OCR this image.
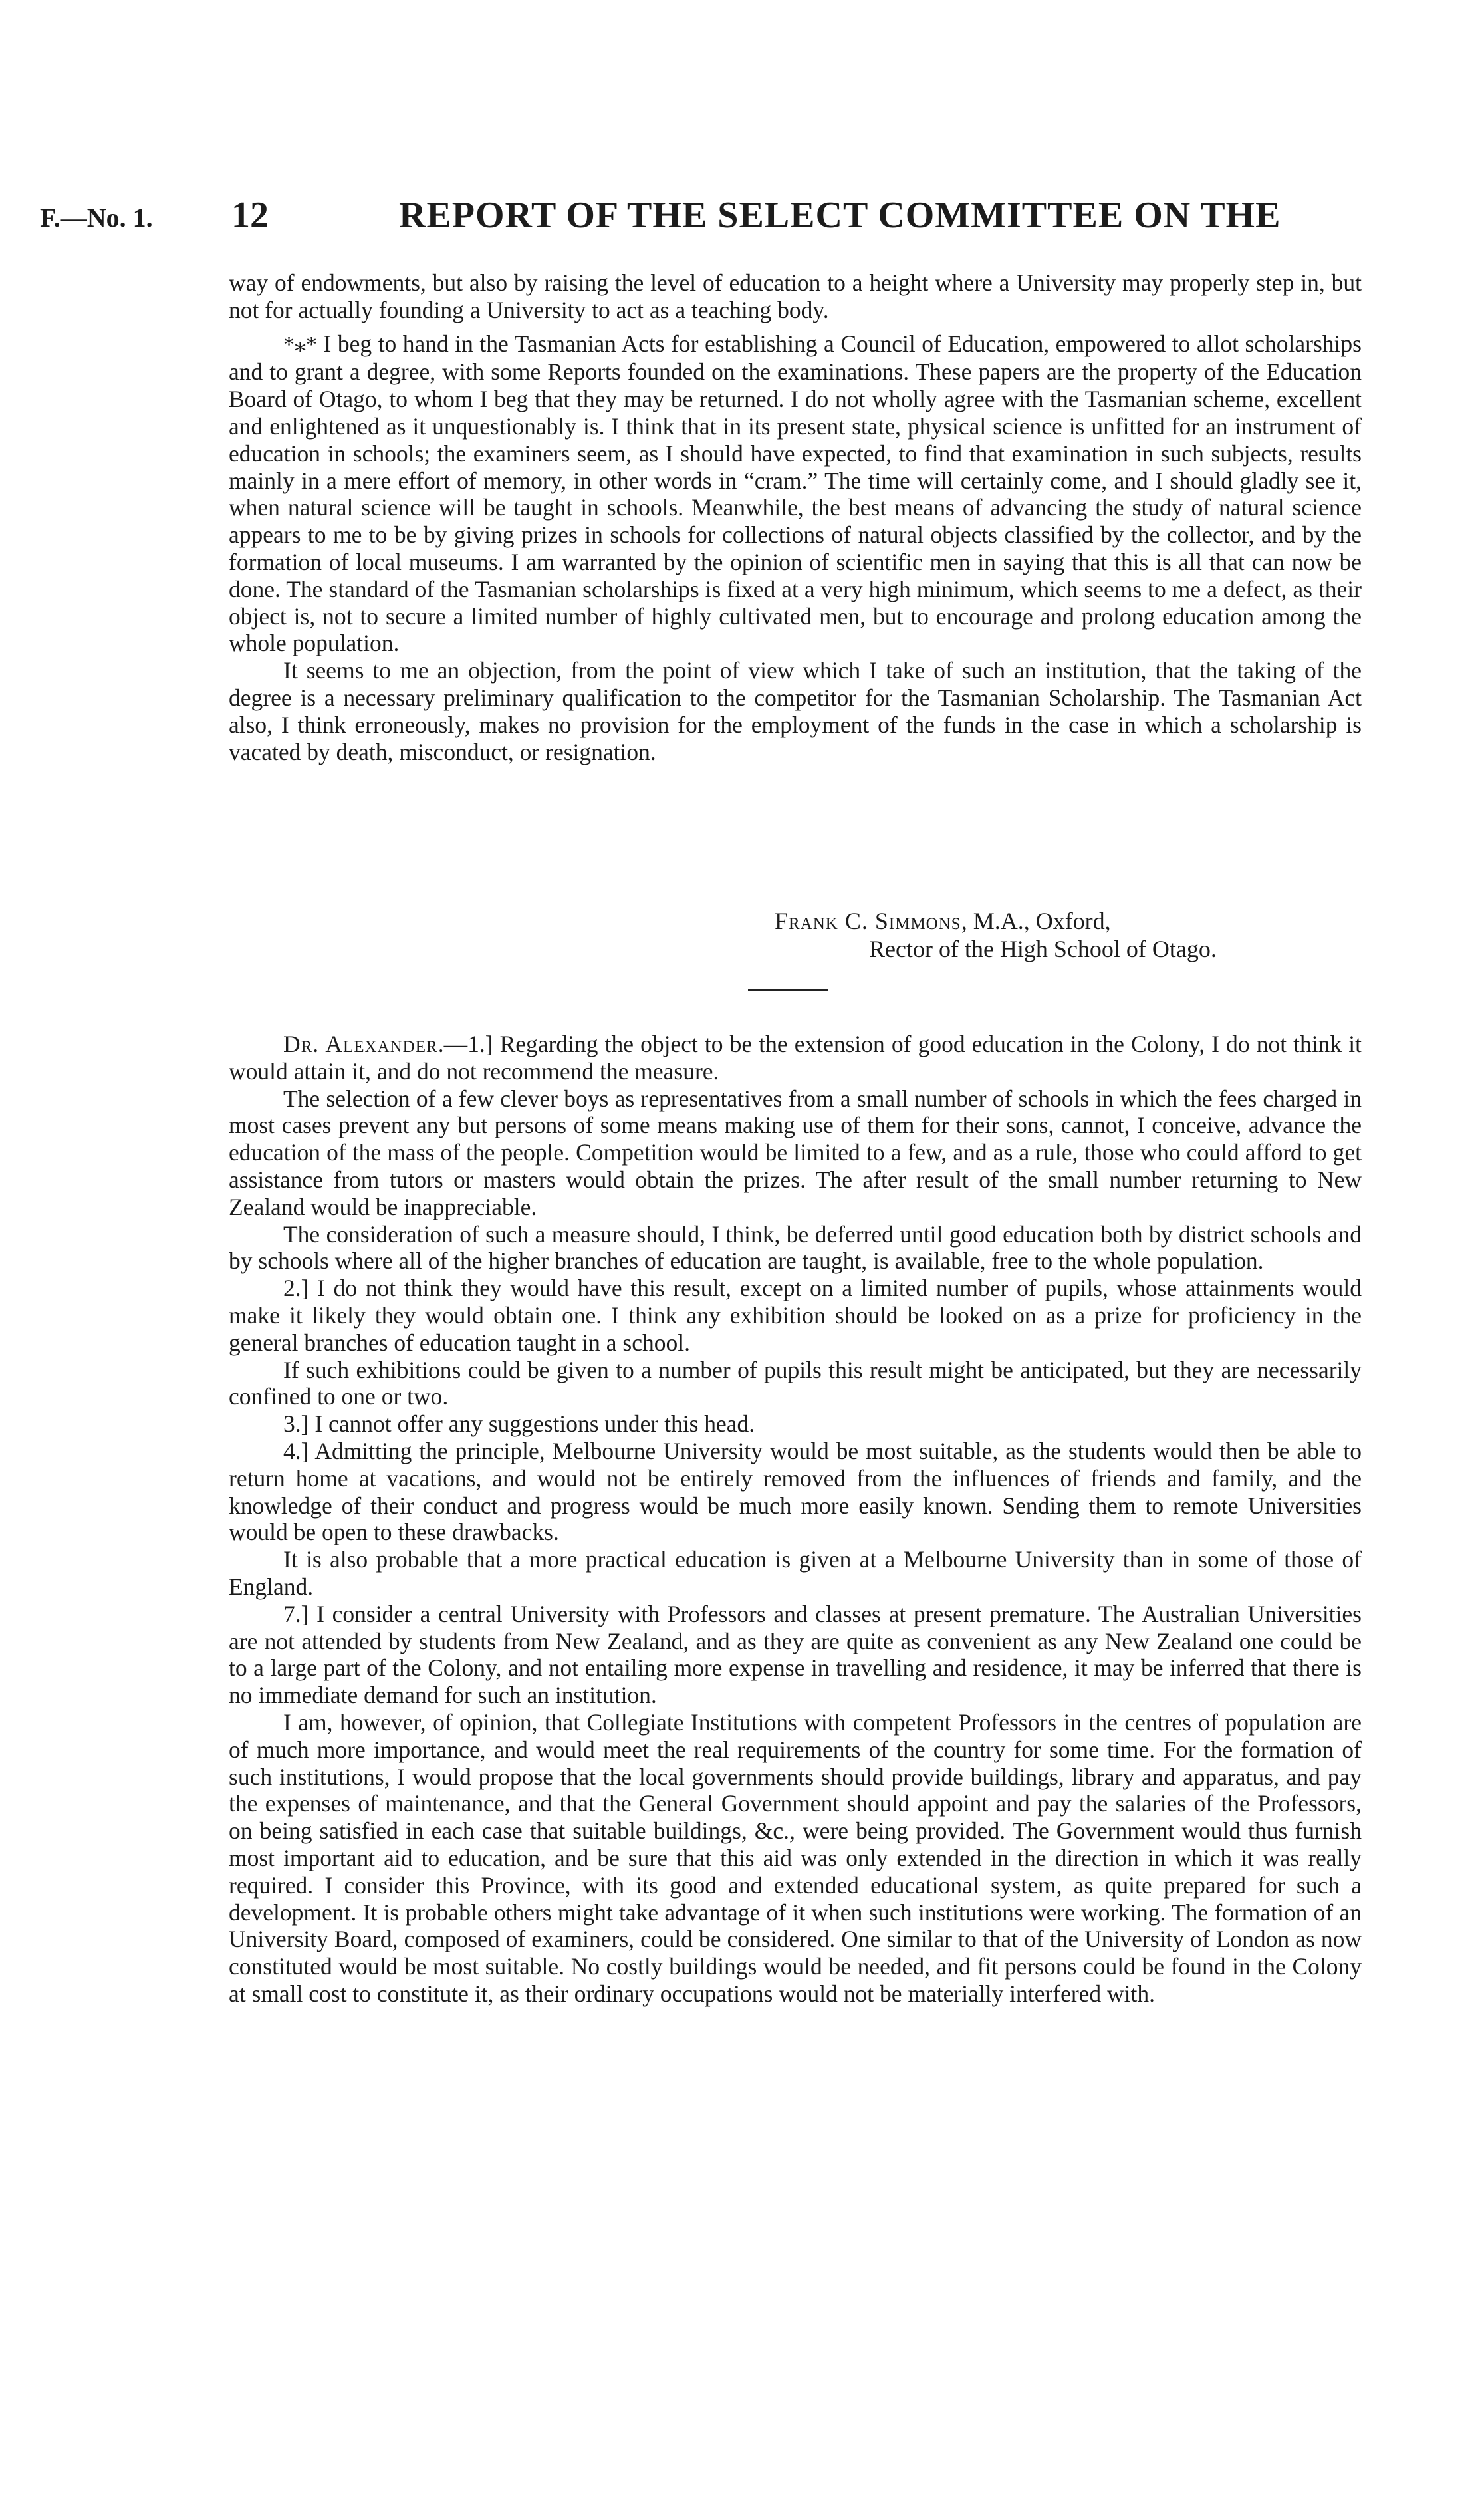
F.—No. 1. 12	REPORT OF THE SELECT COMMITTEE ON THE

way of endowments, but also by raising the level of education to a height where a University may properly step in, but not for actually founding a University to act as a teaching body.

*⁎* I beg to hand in the Tasmanian Acts for establishing a Council of Education, empowered to allot scholarships and to grant a degree, with some Reports founded on the examinations. These papers are the property of the Education Board of Otago, to whom I beg that they may be returned. I do not wholly agree with the Tasmanian scheme, excellent and enlightened as it unquestionably is. I think that in its present state, physical science is unfitted for an instrument of education in schools; the examiners seem, as I should have expected, to find that examination in such subjects, results mainly in a mere effort of memory, in other words in “cram.” The time will certainly come, and I should gladly see it, when natural science will be taught in schools. Meanwhile, the best means of advancing the study of natural science appears to me to be by giving prizes in schools for collections of natural objects classified by the collector, and by the formation of local museums. I am warranted by the opinion of scientific men in saying that this is all that can now be done. The standard of the Tasmanian scholarships is fixed at a very high minimum, which seems to me a defect, as their object is, not to secure a limited number of highly cultivated men, but to encourage and prolong education among the whole population.

It seems to me an objection, from the point of view which I take of such an institution, that the taking of the degree is a necessary preliminary qualification to the competitor for the Tasmanian Scholarship. The Tasmanian Act also, I think erroneously, makes no provision for the employment of the funds in the case in which a scholarship is vacated by death, misconduct, or resignation.

Frank C. Simmons, M.A., Oxford,
Rector of the High School of Otago.

Dr. Alexander.—1.] Regarding the object to be the extension of good education in the Colony, I do not think it would attain it, and do not recommend the measure.

The selection of a few clever boys as representatives from a small number of schools in which the fees charged in most cases prevent any but persons of some means making use of them for their sons, cannot, I conceive, advance the education of the mass of the people. Competition would be limited to a few, and as a rule, those who could afford to get assistance from tutors or masters would obtain the prizes. The after result of the small number returning to New Zealand would be inappreciable.

The consideration of such a measure should, I think, be deferred until good education both by district schools and by schools where all of the higher branches of education are taught, is available, free to the whole population.

2.] I do not think they would have this result, except on a limited number of pupils, whose attainments would make it likely they would obtain one. I think any exhibition should be looked on as a prize for proficiency in the general branches of education taught in a school.

If such exhibitions could be given to a number of pupils this result might be anticipated, but they are necessarily confined to one or two.

3.] I cannot offer any suggestions under this head.

4.] Admitting the principle, Melbourne University would be most suitable, as the students would then be able to return home at vacations, and would not be entirely removed from the influences of friends and family, and the knowledge of their conduct and progress would be much more easily known. Sending them to remote Universities would be open to these drawbacks.

It is also probable that a more practical education is given at a Melbourne University than in some of those of England.

7.] I consider a central University with Professors and classes at present premature. The Australian Universities are not attended by students from New Zealand, and as they are quite as convenient as any New Zealand one could be to a large part of the Colony, and not entailing more expense in travelling and residence, it may be inferred that there is no immediate demand for such an institution.

I am, however, of opinion, that Collegiate Institutions with competent Professors in the centres of population are of much more importance, and would meet the real requirements of the country for some time. For the formation of such institutions, I would propose that the local governments should provide buildings, library and apparatus, and pay the expenses of maintenance, and that the General Government should appoint and pay the salaries of the Professors, on being satisfied in each case that suitable buildings, &c., were being provided. The Government would thus furnish most important aid to education, and be sure that this aid was only extended in the direction in which it was really required. I consider this Province, with its good and extended educational system, as quite prepared for such a development. It is probable others might take advantage of it when such institutions were working. The formation of an University Board, composed of examiners, could be considered. One similar to that of the University of London as now constituted would be most suitable. No costly buildings would be needed, and fit persons could be found in the Colony at small cost to constitute it, as their ordinary occupations would not be materially interfered with.
